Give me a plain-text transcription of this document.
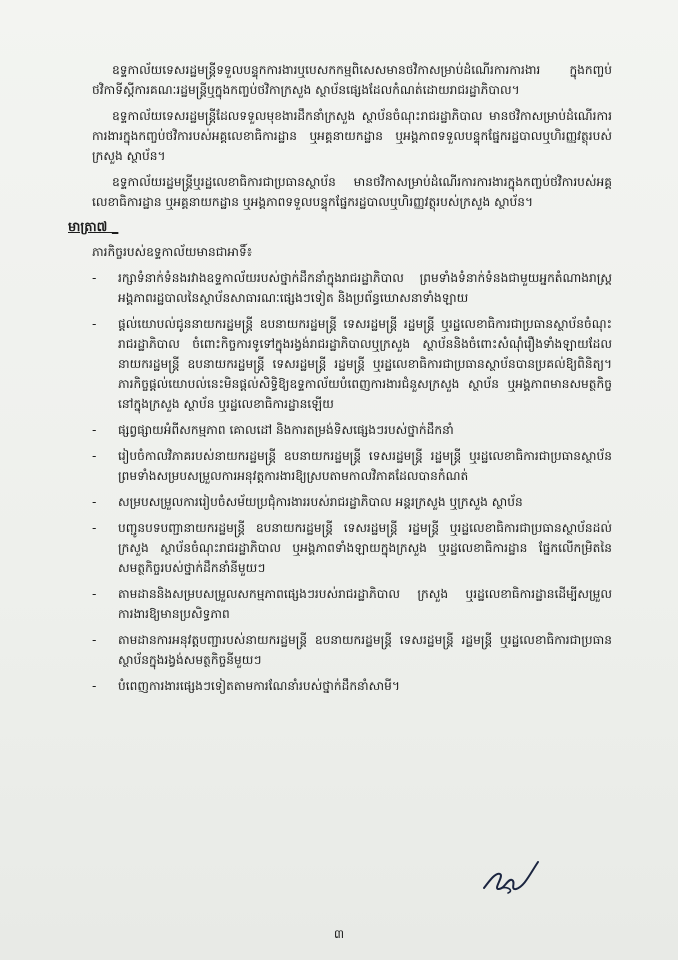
ឧទ្ទកាល័យទេសរដ្ឋមន្ត្រីទទួលបន្ទុកការងារឬបេសកកម្មពិសេសមានថវិកាសម្រាប់ដំណើរការការងារ ក្នុងកញ្ចប់ថវិកាទីស្តីការគណៈរដ្ឋមន្ត្រីឬក្នុងកញ្ចប់ថវិកាក្រសួង ស្ថាប័នផ្សេងដែលកំណត់ដោយរាជរដ្ឋាភិបាល។

ឧទ្ទកាល័យទេសរដ្ឋមន្ត្រីដែលទទួលមុខងារដឹកនាំក្រសួង ស្ថាប័នចំណុះរាជរដ្ឋាភិបាល មានថវិកាសម្រាប់ដំណើរការការងារក្នុងកញ្ចប់ថវិការបស់អគ្គលេខាធិការដ្ឋាន ឬអគ្គនាយកដ្ឋាន ឬអង្គភាពទទួលបន្ទុកផ្នែករដ្ឋបាលឬហិរញ្ញវត្ថុរបស់ក្រសួង ស្ថាប័ន។

ឧទ្ទកាល័យរដ្ឋមន្ត្រីឬរដ្ឋលេខាធិការជាប្រធានស្ថាប័ន មានថវិកាសម្រាប់ដំណើរការការងារក្នុងកញ្ចប់ថវិការបស់អគ្គលេខាធិការដ្ឋាន ឬអគ្គនាយកដ្ឋាន ឬអង្គភាពទទួលបន្ទុកផ្នែករដ្ឋបាលឬហិរញ្ញវត្ថុរបស់ក្រសួង ស្ថាប័ន។

មាត្រា៧ _

ភារកិច្ចរបស់ឧទ្ទកាល័យមានជាអាទិ៍៖

- រក្សាទំនាក់ទំនងរវាងឧទ្ទកាល័យរបស់ថ្នាក់ដឹកនាំក្នុងរាជរដ្ឋាភិបាល ព្រមទាំងទំនាក់ទំនងជាមួយអ្នកតំណាងរាស្ត្រ អង្គភាពរដ្ឋបាលនៃស្ថាប័នសាធារណៈផ្សេងៗទៀត និងប្រព័ន្ធឃោសនាទាំងឡាយ
- ផ្តល់យោបល់ជូននាយករដ្ឋមន្ត្រី ឧបនាយករដ្ឋមន្ត្រី ទេសរដ្ឋមន្ត្រី រដ្ឋមន្ត្រី ឬរដ្ឋលេខាធិការជាប្រធានស្ថាប័នចំណុះរាជរដ្ឋាភិបាល ចំពោះកិច្ចការទូទៅក្នុងរង្វង់រាជរដ្ឋាភិបាលឬក្រសួង ស្ថាប័ននិងចំពោះសំណុំរឿងទាំងឡាយដែលនាយករដ្ឋមន្ត្រី ឧបនាយករដ្ឋមន្ត្រី ទេសរដ្ឋមន្ត្រី រដ្ឋមន្ត្រី ឬរដ្ឋលេខាធិការជាប្រធានស្ថាប័នបានប្រគល់ឱ្យពិនិត្យ។ ភារកិច្ចផ្តល់យោបល់នេះមិនផ្តល់សិទ្ធិឱ្យឧទ្ទកាល័យបំពេញការងារជំនួសក្រសួង ស្ថាប័ន ឬអង្គភាពមានសមត្ថកិច្ចនៅក្នុងក្រសួង ស្ថាប័ន ឬរដ្ឋលេខាធិការដ្ឋានឡើយ
- ផ្សព្វផ្សាយអំពីសកម្មភាព គោលដៅ និងការតម្រង់ទិសផ្សេងៗរបស់ថ្នាក់ដឹកនាំ
- រៀបចំកាលវិភាគរបស់នាយករដ្ឋមន្ត្រី ឧបនាយករដ្ឋមន្ត្រី ទេសរដ្ឋមន្ត្រី រដ្ឋមន្ត្រី ឬរដ្ឋលេខាធិការជាប្រធានស្ថាប័ន ព្រមទាំងសម្របសម្រួលការអនុវត្តការងារឱ្យស្របតាមកាលវិភាគដែលបានកំណត់
- សម្របសម្រួលការរៀបចំសម័យប្រជុំការងាររបស់រាជរដ្ឋាភិបាល អន្តរក្រសួង ឬក្រសួង ស្ថាប័ន
- បញ្ជូនបទបញ្ជានាយករដ្ឋមន្ត្រី ឧបនាយករដ្ឋមន្ត្រី ទេសរដ្ឋមន្ត្រី រដ្ឋមន្ត្រី ឬរដ្ឋលេខាធិការជាប្រធានស្ថាប័នដល់ក្រសួង ស្ថាប័នចំណុះរាជរដ្ឋាភិបាល ឬអង្គភាពទាំងឡាយក្នុងក្រសួង ឬរដ្ឋលេខាធិការដ្ឋាន ផ្នែកលើកម្រិតនៃសមត្ថកិច្ចរបស់ថ្នាក់ដឹកនាំនីមួយៗ
- តាមដាននិងសម្របសម្រួលសកម្មភាពផ្សេងៗរបស់រាជរដ្ឋាភិបាល ក្រសួង ឬរដ្ឋលេខាធិការដ្ឋានដើម្បីសម្រួលការងារឱ្យមានប្រសិទ្ធភាព
- តាមដានការអនុវត្តបញ្ជារបស់នាយករដ្ឋមន្ត្រី ឧបនាយករដ្ឋមន្ត្រី ទេសរដ្ឋមន្ត្រី រដ្ឋមន្ត្រី ឬរដ្ឋលេខាធិការជាប្រធានស្ថាប័នក្នុងរង្វង់សមត្ថកិច្ចនីមួយៗ
- បំពេញការងារផ្សេងៗទៀតតាមការណែនាំរបស់ថ្នាក់ដឹកនាំសាមី។
៣
